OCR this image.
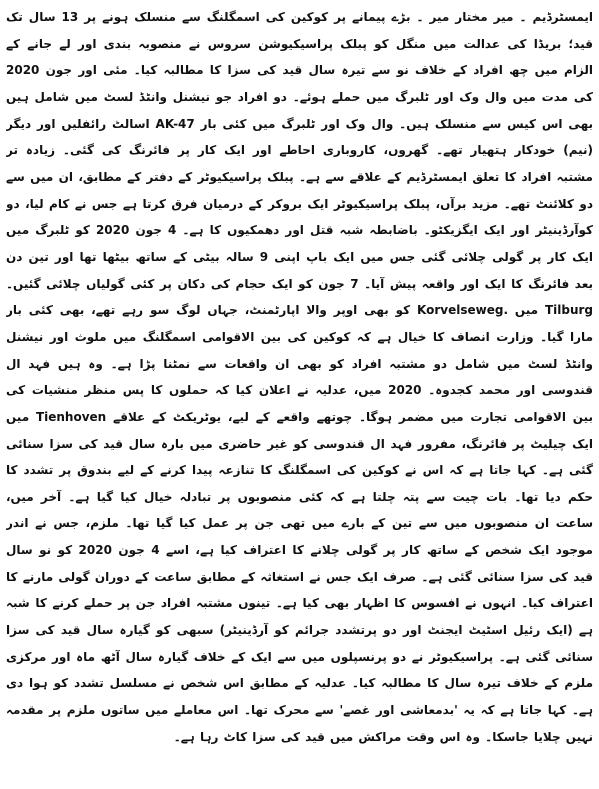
ایمسٹرڈیم ۔ میر مختار میر ۔ بڑے پیمانے پر کوکین کی اسمگلنگ سے منسلک ہونے پر 13 سال تک قید؛ بریڈا کی عدالت میں منگل کو پبلک پراسیکیوشن سروس نے منصوبہ بندی اور لے جانے کے الزام میں چھ افراد کے خلاف نو سے تیرہ سال قید کی سزا کا مطالبہ کیا۔ مئی اور جون 2020 کی مدت میں وال وک اور ٹلبرگ میں حملے ہوئے۔ دو افراد جو نیشنل وانٹڈ لسٹ میں شامل ہیں بھی اس کیس سے منسلک ہیں۔ وال وک اور ٹلبرگ میں کئی بار AK-47 اسالٹ رائفلیں اور دیگر (نیم) خودکار ہتھیار تھے۔ گھروں، کاروباری احاطے اور ایک کار پر فائرنگ کی گئی۔ زیادہ تر مشتبہ افراد کا تعلق ایمسٹرڈیم کے علاقے سے ہے۔ پبلک پراسیکیوٹر کے دفتر کے مطابق، ان میں سے دو کلائنٹ تھے۔ مزید برآں، پبلک پراسیکیوٹر ایک بروکر کے درمیان فرق کرتا ہے جس نے کام لیا، دو کوآرڈینیٹر اور ایک ایگزیکٹو۔ باضابطہ شبہ قتل اور دھمکیوں کا ہے۔ 4 جون 2020 کو ٹلبرگ میں ایک کار پر گولی چلائی گئی جس میں ایک باپ اپنی 9 سالہ بیٹی کے ساتھ بیٹھا تھا اور تین دن بعد فائرنگ کا ایک اور واقعہ پیش آیا۔ 7 جون کو ایک حجام کی دکان پر کئی گولیاں چلائی گئیں۔ Tilburg میں .Korvelseweg کو بھی اوپر والا اپارٹمنٹ، جہاں لوگ سو رہے تھے، بھی کئی بار مارا گیا۔ وزارت انصاف کا خیال ہے کہ کوکین کی بین الاقوامی اسمگلنگ میں ملوث اور نیشنل وانٹڈ لسٹ میں شامل دو مشتبہ افراد کو بھی ان واقعات سے نمٹنا پڑا ہے۔ وہ ہیں فہد ال قندوسی اور محمد کجدوہ۔ 2020 میں، عدلیہ نے اعلان کیا کہ حملوں کا پس منظر منشیات کی بین الاقوامی تجارت میں مضمر ہوگا۔ چوتھے واقعے کے لیے، یوٹریکٹ کے علاقے Tienhoven میں ایک چیلیٹ پر فائرنگ، مفرور فہد ال قندوسی کو غیر حاضری میں بارہ سال قید کی سزا سنائی گئی ہے۔ کہا جاتا ہے کہ اس نے کوکین کی اسمگلنگ کا تنازعہ پیدا کرنے کے لیے بندوق پر تشدد کا حکم دیا تھا۔ بات چیت سے پتہ چلتا ہے کہ کئی منصوبوں پر تبادلہ خیال کیا گیا ہے۔ آخر میں، ساعت ان منصوبوں میں سے تین کے بارے میں تھی جن پر عمل کیا گیا تھا۔ ملزم، جس نے اندر موجود ایک شخص کے ساتھ کار پر گولی چلانے کا اعتراف کیا ہے، اسے 4 جون 2020 کو نو سال قید کی سزا سنائی گئی ہے۔ صرف ایک جس نے استغاثہ کے مطابق ساعت کے دوران گولی مارنے کا اعتراف کیا۔ انہوں نے افسوس کا اظہار بھی کیا ہے۔ تینوں مشتبہ افراد جن پر حملے کرنے کا شبہ ہے (ایک رئیل اسٹیٹ ایجنٹ اور دو پرتشدد جرائم کو آرڈینیٹر) سبھی کو گیارہ سال قید کی سزا سنائی گئی ہے۔ پراسیکیوٹر نے دو پرنسپلوں میں سے ایک کے خلاف گیارہ سال آٹھ ماہ اور مرکزی ملزم کے خلاف تیرہ سال کا مطالبہ کیا۔ عدلیہ کے مطابق اس شخص نے مسلسل تشدد کو ہوا دی ہے۔ کہا جاتا ہے کہ یہ 'بدمعاشی اور غصے' سے محرک تھا۔ اس معاملے میں ساتوں ملزم پر مقدمہ نہیں چلایا جاسکا۔ وہ اس وقت مراکش میں قید کی سزا کاٹ رہا ہے۔
